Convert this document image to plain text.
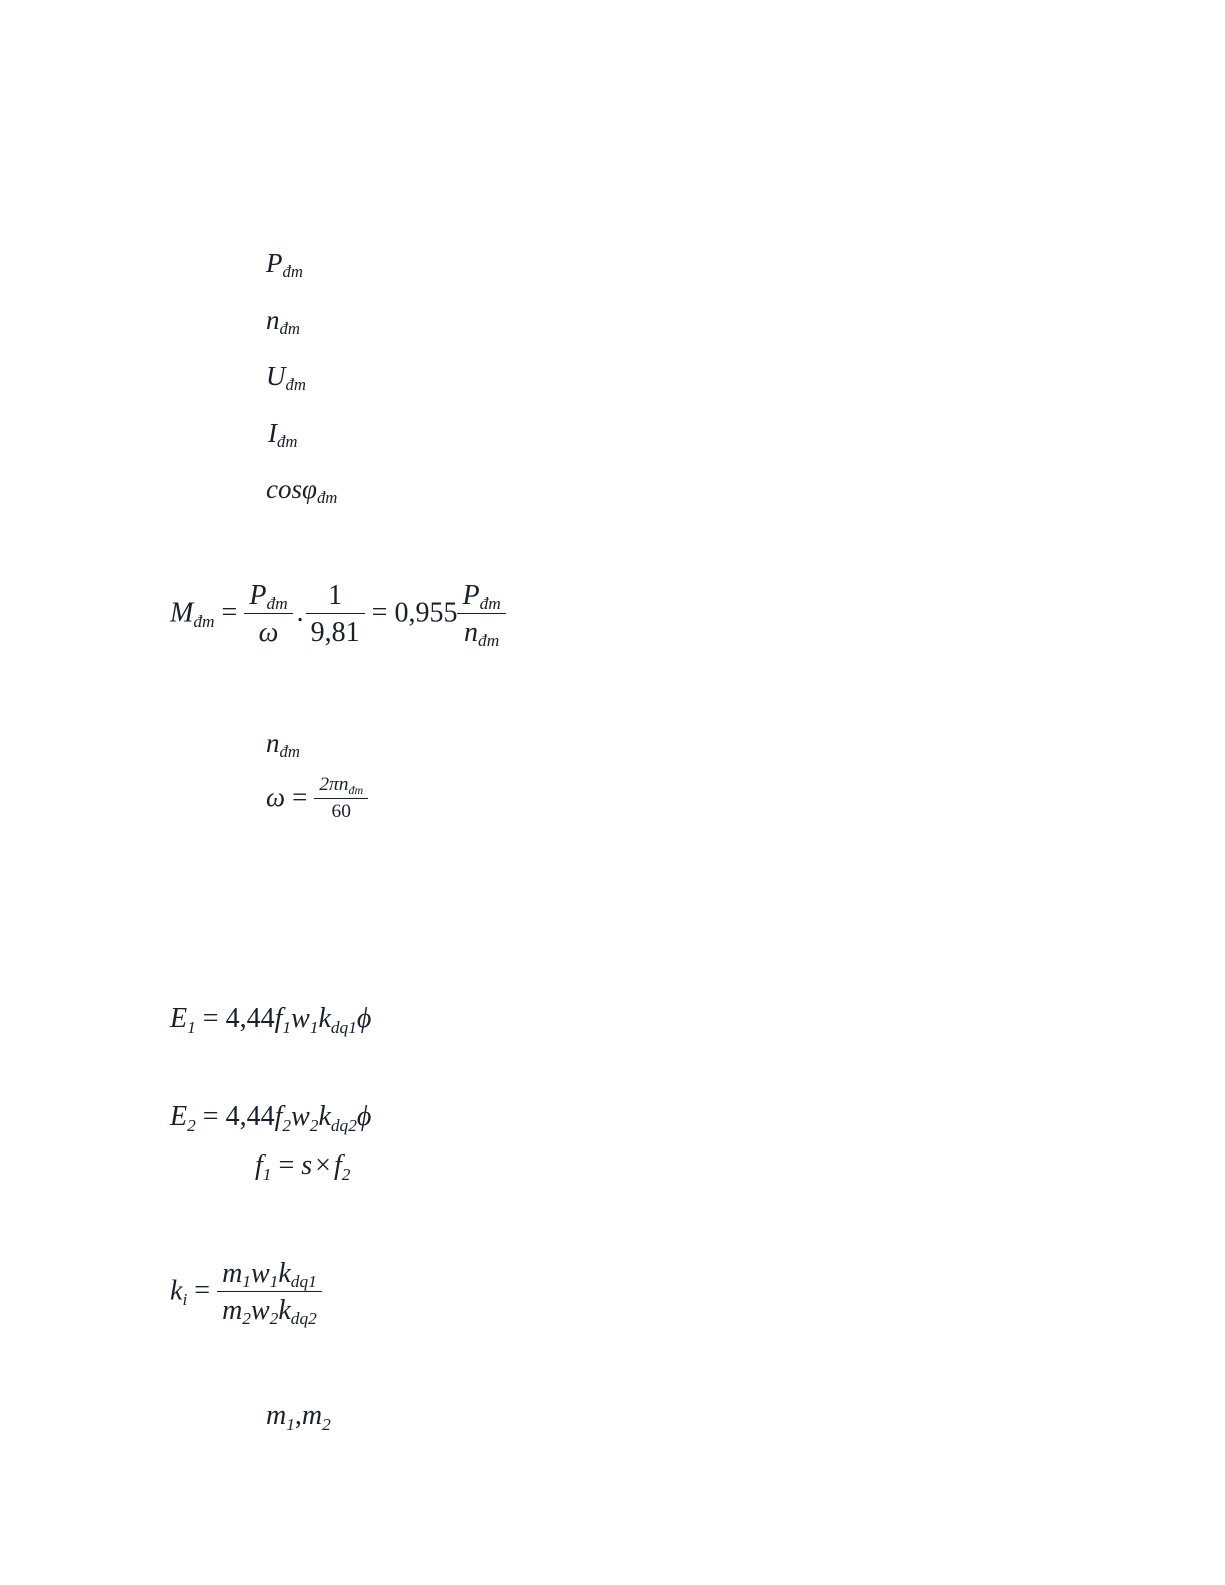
$P_{đm}$
$n_{đm}$
$U_{đm}$
$I_{đm}$
cosφ$_{đm}$
$M_{đm} = \frac{P_{đm}}{\omega}$ . $\frac{1}{9,81} = 0,955 \frac{P_{đm}}{n_{đm}}$
$n_{đm}$
$\omega = \frac{2\pi n_{đm}}{60}$
$E_1 = 4,44f_1w_1k_{dq1}\phi$
$E_2 = 4,44f_2w_2k_{dq2}\phi$
$f_1 = s \times f_2$
$k_i = \frac{m_1w_1k_{dq1}}{m_2w_2k_{dq2}}$
$m_1,m_2$
